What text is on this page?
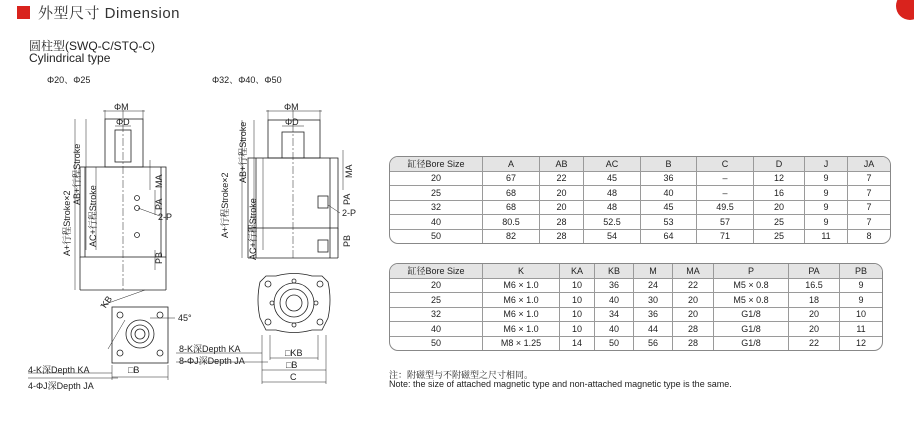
外型尺寸 Dimension
圆柱型(SWQ-C/STQ-C)
Cylindrical type
Φ20、Φ25
ΦM
ΦD
A+行程Stroke×2
AB+行程Stroke
AC+行程Stroke
MA
PA
PB
2-P
KB
45°
□B
4-K深Depth KA
4-ΦJ深Depth JA
Φ32、Φ40、Φ50
ΦM
ΦD
A+行程Stroke×2
AB+行程Stroke
AC+行程Stroke
MA
PA
PB
2-P
8-K深Depth KA
8-ΦJ深Depth JA
□KB
□B
C
缸径Bore Size	A	AB	AC	B	C	D	J	JA
20	67	22	45	36	–	12	9	7
25	68	20	48	40	–	16	9	7
32	68	20	48	45	49.5	20	9	7
40	80.5	28	52.5	53	57	25	9	7
50	82	28	54	64	71	25	11	8
缸径Bore Size	K	KA	KB	M	MA	P	PA	PB
20	M6 × 1.0	10	36	24	22	M5 × 0.8	16.5	9
25	M6 × 1.0	10	40	30	20	M5 × 0.8	18	9
32	M6 × 1.0	10	34	36	20	G1/8	20	10
40	M6 × 1.0	10	40	44	28	G1/8	20	11
50	M8 × 1.25	14	50	56	28	G1/8	22	12
注：附磁型与不附磁型之尺寸相同。
Note: the size of attached magnetic type and non-attached magnetic type is the same.
